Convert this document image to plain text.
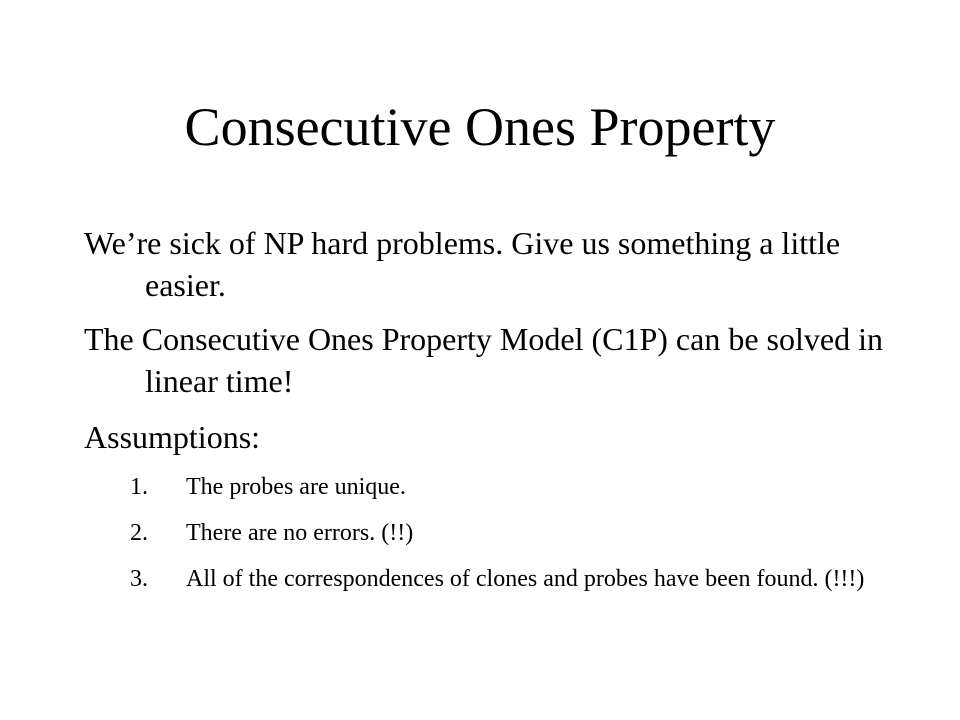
Consecutive Ones Property
We’re sick of NP hard problems. Give us something a little easier.
The Consecutive Ones Property Model (C1P) can be solved in linear time!
Assumptions:
1.	The probes are unique.
2.	There are no errors. (!!)
3.	All of the correspondences of clones and probes have been found. (!!!)
